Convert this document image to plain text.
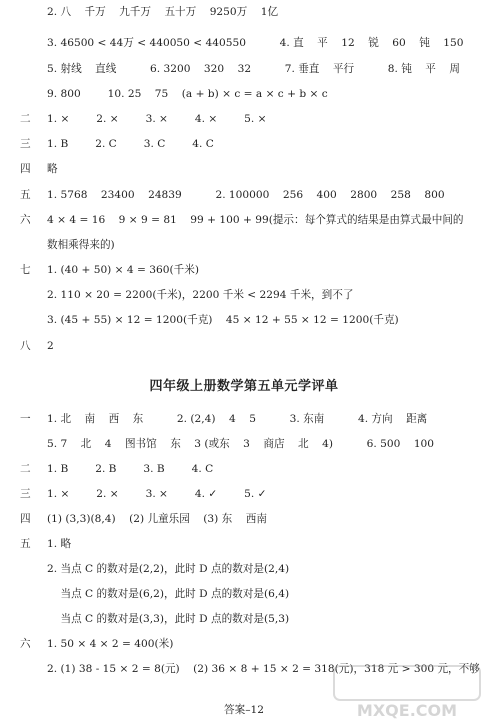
2. 八    千万    九千万    五十万    9250万    1亿
3. 46500 < 44万 < 440050 < 440550          4. 直    平    12    锐    60    钝    150
5. 射线    直线          6. 3200    320    32          7. 垂直    平行          8. 钝    平    周
9. 800        10. 25    75    (a + b) × c = a × c + b × c
二 1. ×        2. ×        3. ×        4. ×        5. ×
三 1. B        2. C        3. C        4. C
四 略
五 1. 5768    23400    24839          2. 100000    256    400    2800    258    800
六 4 × 4 = 16    9 × 9 = 81    99 + 100 + 99(提示：每个算式的结果是由算式最中间的
数相乘得来的)
七 1. (40 + 50) × 4 = 360(千米)
2. 110 × 20 = 2200(千米)，2200 千米 < 2294 千米，到不了
3. (45 + 55) × 12 = 1200(千克)    45 × 12 + 55 × 12 = 1200(千克)
八 2
四年级上册数学第五单元学评单
一 1. 北    南    西    东          2. (2,4)    4    5          3. 东南          4. 方向    距离
5. 7    北    4    图书馆    东    3 (或东    3    商店    北    4)          6. 500    100
二 1. B        2. B        3. B        4. C
三 1. ×        2. ×        3. ×        4. ✓        5. ✓
四 (1) (3,3)(8,4)    (2) 儿童乐园    (3) 东    西南
五 1. 略
2. 当点 C 的数对是(2,2)，此时 D 点的数对是(2,4)
当点 C 的数对是(6,2)，此时 D 点的数对是(6,4)
当点 C 的数对是(3,3)，此时 D 点的数对是(5,3)
六 1. 50 × 4 × 2 = 400(米)
2. (1) 38 - 15 × 2 = 8(元)    (2) 36 × 8 + 15 × 2 = 318(元)，318 元 > 300 元，不够
答案–12	MXQE.COM
